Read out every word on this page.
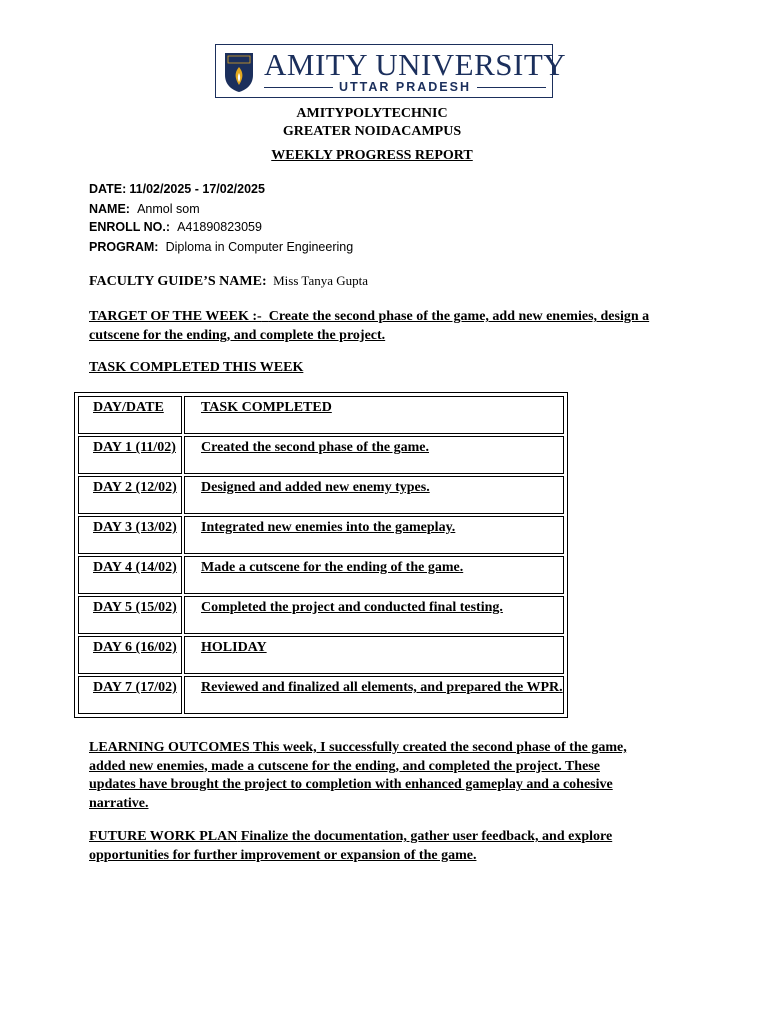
AMITY UNIVERSITY
UTTAR PRADESH
AMITYPOLYTECHNIC
GREATER NOIDACAMPUS
WEEKLY PROGRESS REPORT
DATE: 11/02/2025 - 17/02/2025
NAME: Anmol som
ENROLL NO.: A41890823059
PROGRAM: Diploma in Computer Engineering
FACULTY GUIDE’S NAME: Miss Tanya Gupta
TARGET OF THE WEEK :- Create the second phase of the game, add new enemies, design a cutscene for the ending, and complete the project.
TASK COMPLETED THIS WEEK
DAY/DATE	TASK COMPLETED
DAY 1 (11/02)	Created the second phase of the game.
DAY 2 (12/02)	Designed and added new enemy types.
DAY 3 (13/02)	Integrated new enemies into the gameplay.
DAY 4 (14/02)	Made a cutscene for the ending of the game.
DAY 5 (15/02)	Completed the project and conducted final testing.
DAY 6 (16/02)	HOLIDAY
DAY 7 (17/02)	Reviewed and finalized all elements, and prepared the WPR.
LEARNING OUTCOMES This week, I successfully created the second phase of the game, added new enemies, made a cutscene for the ending, and completed the project. These updates have brought the project to completion with enhanced gameplay and a cohesive narrative.
FUTURE WORK PLAN Finalize the documentation, gather user feedback, and explore opportunities for further improvement or expansion of the game.
